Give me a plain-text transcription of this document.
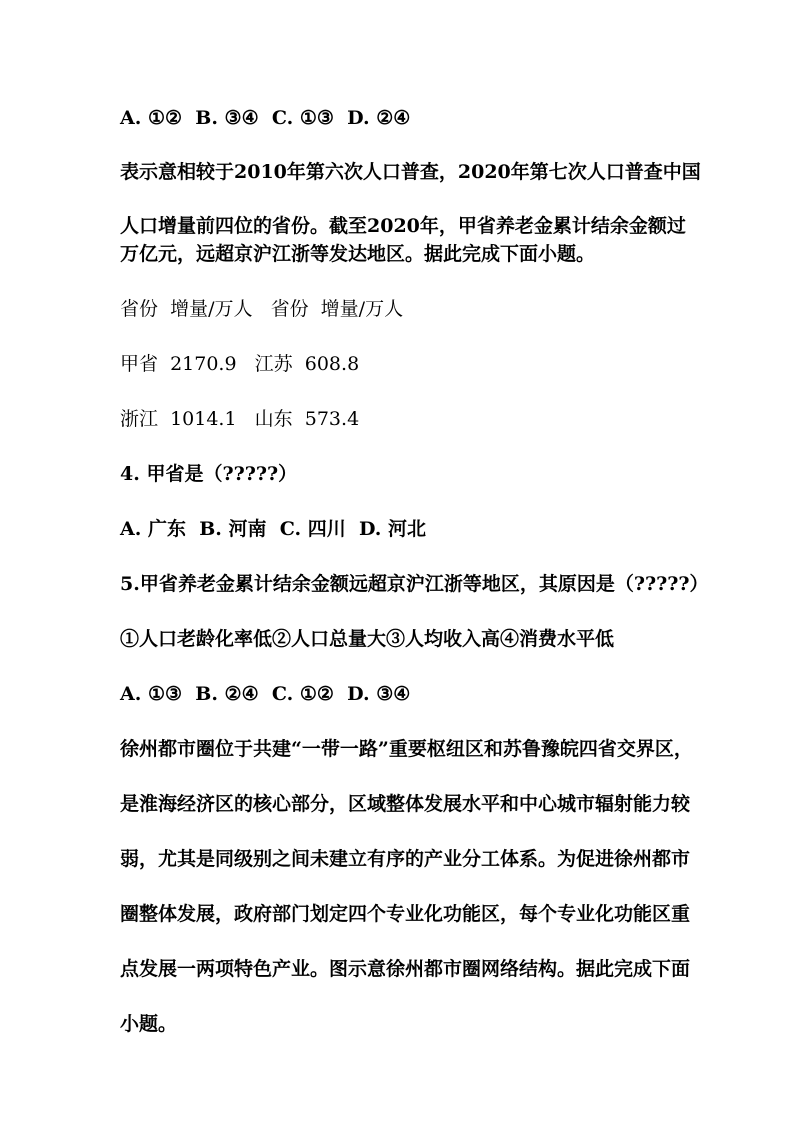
A. ①②  B. ③④  C. ①③  D. ②④
表示意相较于2010年第六次人口普查，2020年第七次人口普查中国
人口增量前四位的省份。截至2020年，甲省养老金累计结余金额过
万亿元，远超京沪江浙等发达地区。据此完成下面小题。
省份  增量/万人   省份  增量/万人
甲省  2170.9   江苏  608.8
浙江  1014.1   山东  573.4
4. 甲省是（?????）
A. 广东  B. 河南  C. 四川  D. 河北
5.甲省养老金累计结余金额远超京沪江浙等地区，其原因是（?????）
①人口老龄化率低②人口总量大③人均收入高④消费水平低
A. ①③  B. ②④  C. ①②  D. ③④
徐州都市圈位于共建“一带一路”重要枢纽区和苏鲁豫皖四省交界区，
是淮海经济区的核心部分，区域整体发展水平和中心城市辐射能力较
弱，尤其是同级别之间未建立有序的产业分工体系。为促进徐州都市
圈整体发展，政府部门划定四个专业化功能区，每个专业化功能区重
点发展一两项特色产业。图示意徐州都市圈网络结构。据此完成下面
小题。
